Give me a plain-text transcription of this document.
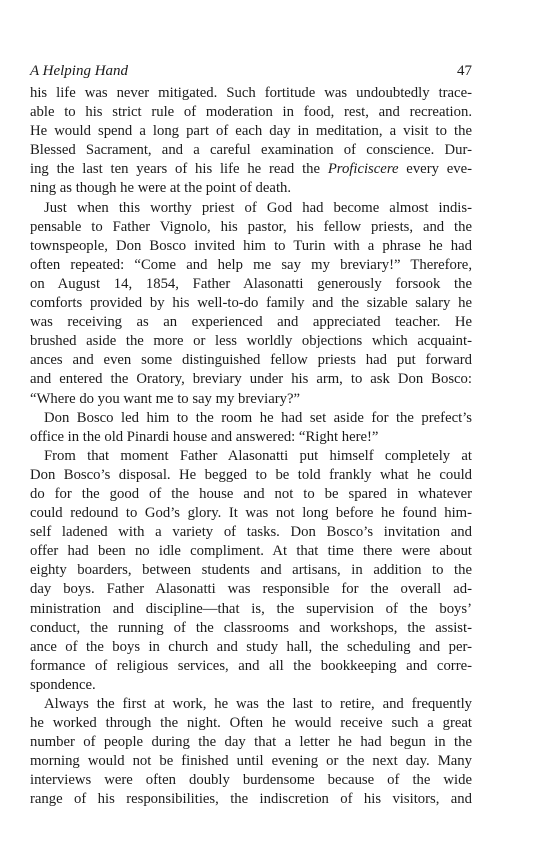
A Helping Hand	47
his life was never mitigated. Such fortitude was undoubtedly trace-
able to his strict rule of moderation in food, rest, and recreation.
He would spend a long part of each day in meditation, a visit to the
Blessed Sacrament, and a careful examination of conscience. Dur-
ing the last ten years of his life he read the Proficiscere every eve-
ning as though he were at the point of death.
Just when this worthy priest of God had become almost indis-
pensable to Father Vignolo, his pastor, his fellow priests, and the
townspeople, Don Bosco invited him to Turin with a phrase he had
often repeated: “Come and help me say my breviary!” Therefore,
on August 14, 1854, Father Alasonatti generously forsook the
comforts provided by his well-to-do family and the sizable salary he
was receiving as an experienced and appreciated teacher. He
brushed aside the more or less worldly objections which acquaint-
ances and even some distinguished fellow priests had put forward
and entered the Oratory, breviary under his arm, to ask Don Bosco:
“Where do you want me to say my breviary?”
Don Bosco led him to the room he had set aside for the prefect’s
office in the old Pinardi house and answered: “Right here!”
From that moment Father Alasonatti put himself completely at
Don Bosco’s disposal. He begged to be told frankly what he could
do for the good of the house and not to be spared in whatever
could redound to God’s glory. It was not long before he found him-
self ladened with a variety of tasks. Don Bosco’s invitation and
offer had been no idle compliment. At that time there were about
eighty boarders, between students and artisans, in addition to the
day boys. Father Alasonatti was responsible for the overall ad-
ministration and discipline—that is, the supervision of the boys’
conduct, the running of the classrooms and workshops, the assist-
ance of the boys in church and study hall, the scheduling and per-
formance of religious services, and all the bookkeeping and corre-
spondence.
Always the first at work, he was the last to retire, and frequently
he worked through the night. Often he would receive such a great
number of people during the day that a letter he had begun in the
morning would not be finished until evening or the next day. Many
interviews were often doubly burdensome because of the wide
range of his responsibilities, the indiscretion of his visitors, and
